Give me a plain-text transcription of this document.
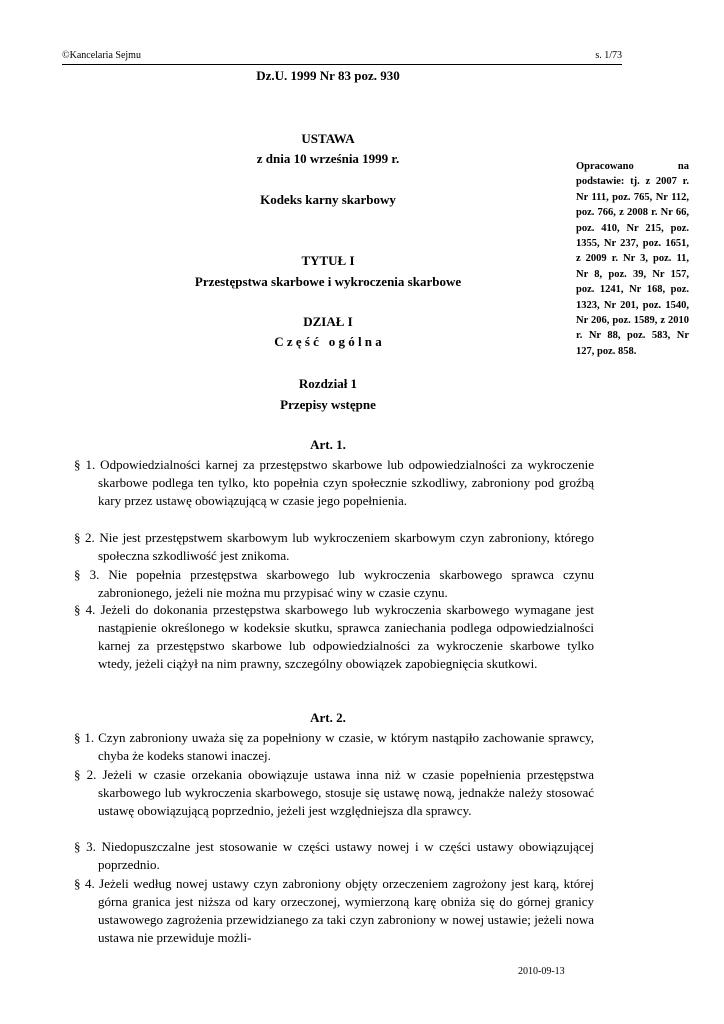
©Kancelaria Sejmu	s. 1/73
Dz.U. 1999 Nr 83 poz. 930
USTAWA
z dnia 10 września 1999 r.
Kodeks karny skarbowy
TYTUŁ I
Przestępstwa skarbowe i wykroczenia skarbowe
DZIAŁ I
C z ę ś ć   o g ó l n a
Rozdział 1
Przepisy wstępne
Opracowano na podstawie: tj. z 2007 r. Nr 111, poz. 765, Nr 112, poz. 766, z 2008 r. Nr 66, poz. 410, Nr 215, poz. 1355, Nr 237, poz. 1651, z 2009 r. Nr 3, poz. 11, Nr 8, poz. 39, Nr 157, poz. 1241, Nr 168, poz. 1323, Nr 201, poz. 1540, Nr 206, poz. 1589, z 2010 r. Nr 88, poz. 583, Nr 127, poz. 858.
Art. 1.
§ 1. Odpowiedzialności karnej za przestępstwo skarbowe lub odpowiedzialności za wykroczenie skarbowe podlega ten tylko, kto popełnia czyn społecznie szkodliwy, zabroniony pod groźbą kary przez ustawę obowiązującą w czasie jego popełnienia.
§ 2. Nie jest przestępstwem skarbowym lub wykroczeniem skarbowym czyn zabroniony, którego społeczna szkodliwość jest znikoma.
§ 3. Nie popełnia przestępstwa skarbowego lub wykroczenia skarbowego sprawca czynu zabronionego, jeżeli nie można mu przypisać winy w czasie czynu.
§ 4. Jeżeli do dokonania przestępstwa skarbowego lub wykroczenia skarbowego wymagane jest nastąpienie określonego w kodeksie skutku, sprawca zaniechania podlega odpowiedzialności karnej za przestępstwo skarbowe lub odpowiedzialności za wykroczenie skarbowe tylko wtedy, jeżeli ciążył na nim prawny, szczególny obowiązek zapobiegnięcia skutkowi.
Art. 2.
§ 1. Czyn zabroniony uważa się za popełniony w czasie, w którym nastąpiło zachowanie sprawcy, chyba że kodeks stanowi inaczej.
§ 2. Jeżeli w czasie orzekania obowiązuje ustawa inna niż w czasie popełnienia przestępstwa skarbowego lub wykroczenia skarbowego, stosuje się ustawę nową, jednakże należy stosować ustawę obowiązującą poprzednio, jeżeli jest względniejsza dla sprawcy.
§ 3. Niedopuszczalne jest stosowanie w części ustawy nowej i w części ustawy obowiązującej poprzednio.
§ 4. Jeżeli według nowej ustawy czyn zabroniony objęty orzeczeniem zagrożony jest karą, której górna granica jest niższa od kary orzeczonej, wymierzoną karę obniża się do górnej granicy ustawowego zagrożenia przewidzianego za taki czyn zabroniony w nowej ustawie; jeżeli nowa ustawa nie przewiduje możli-
2010-09-13
